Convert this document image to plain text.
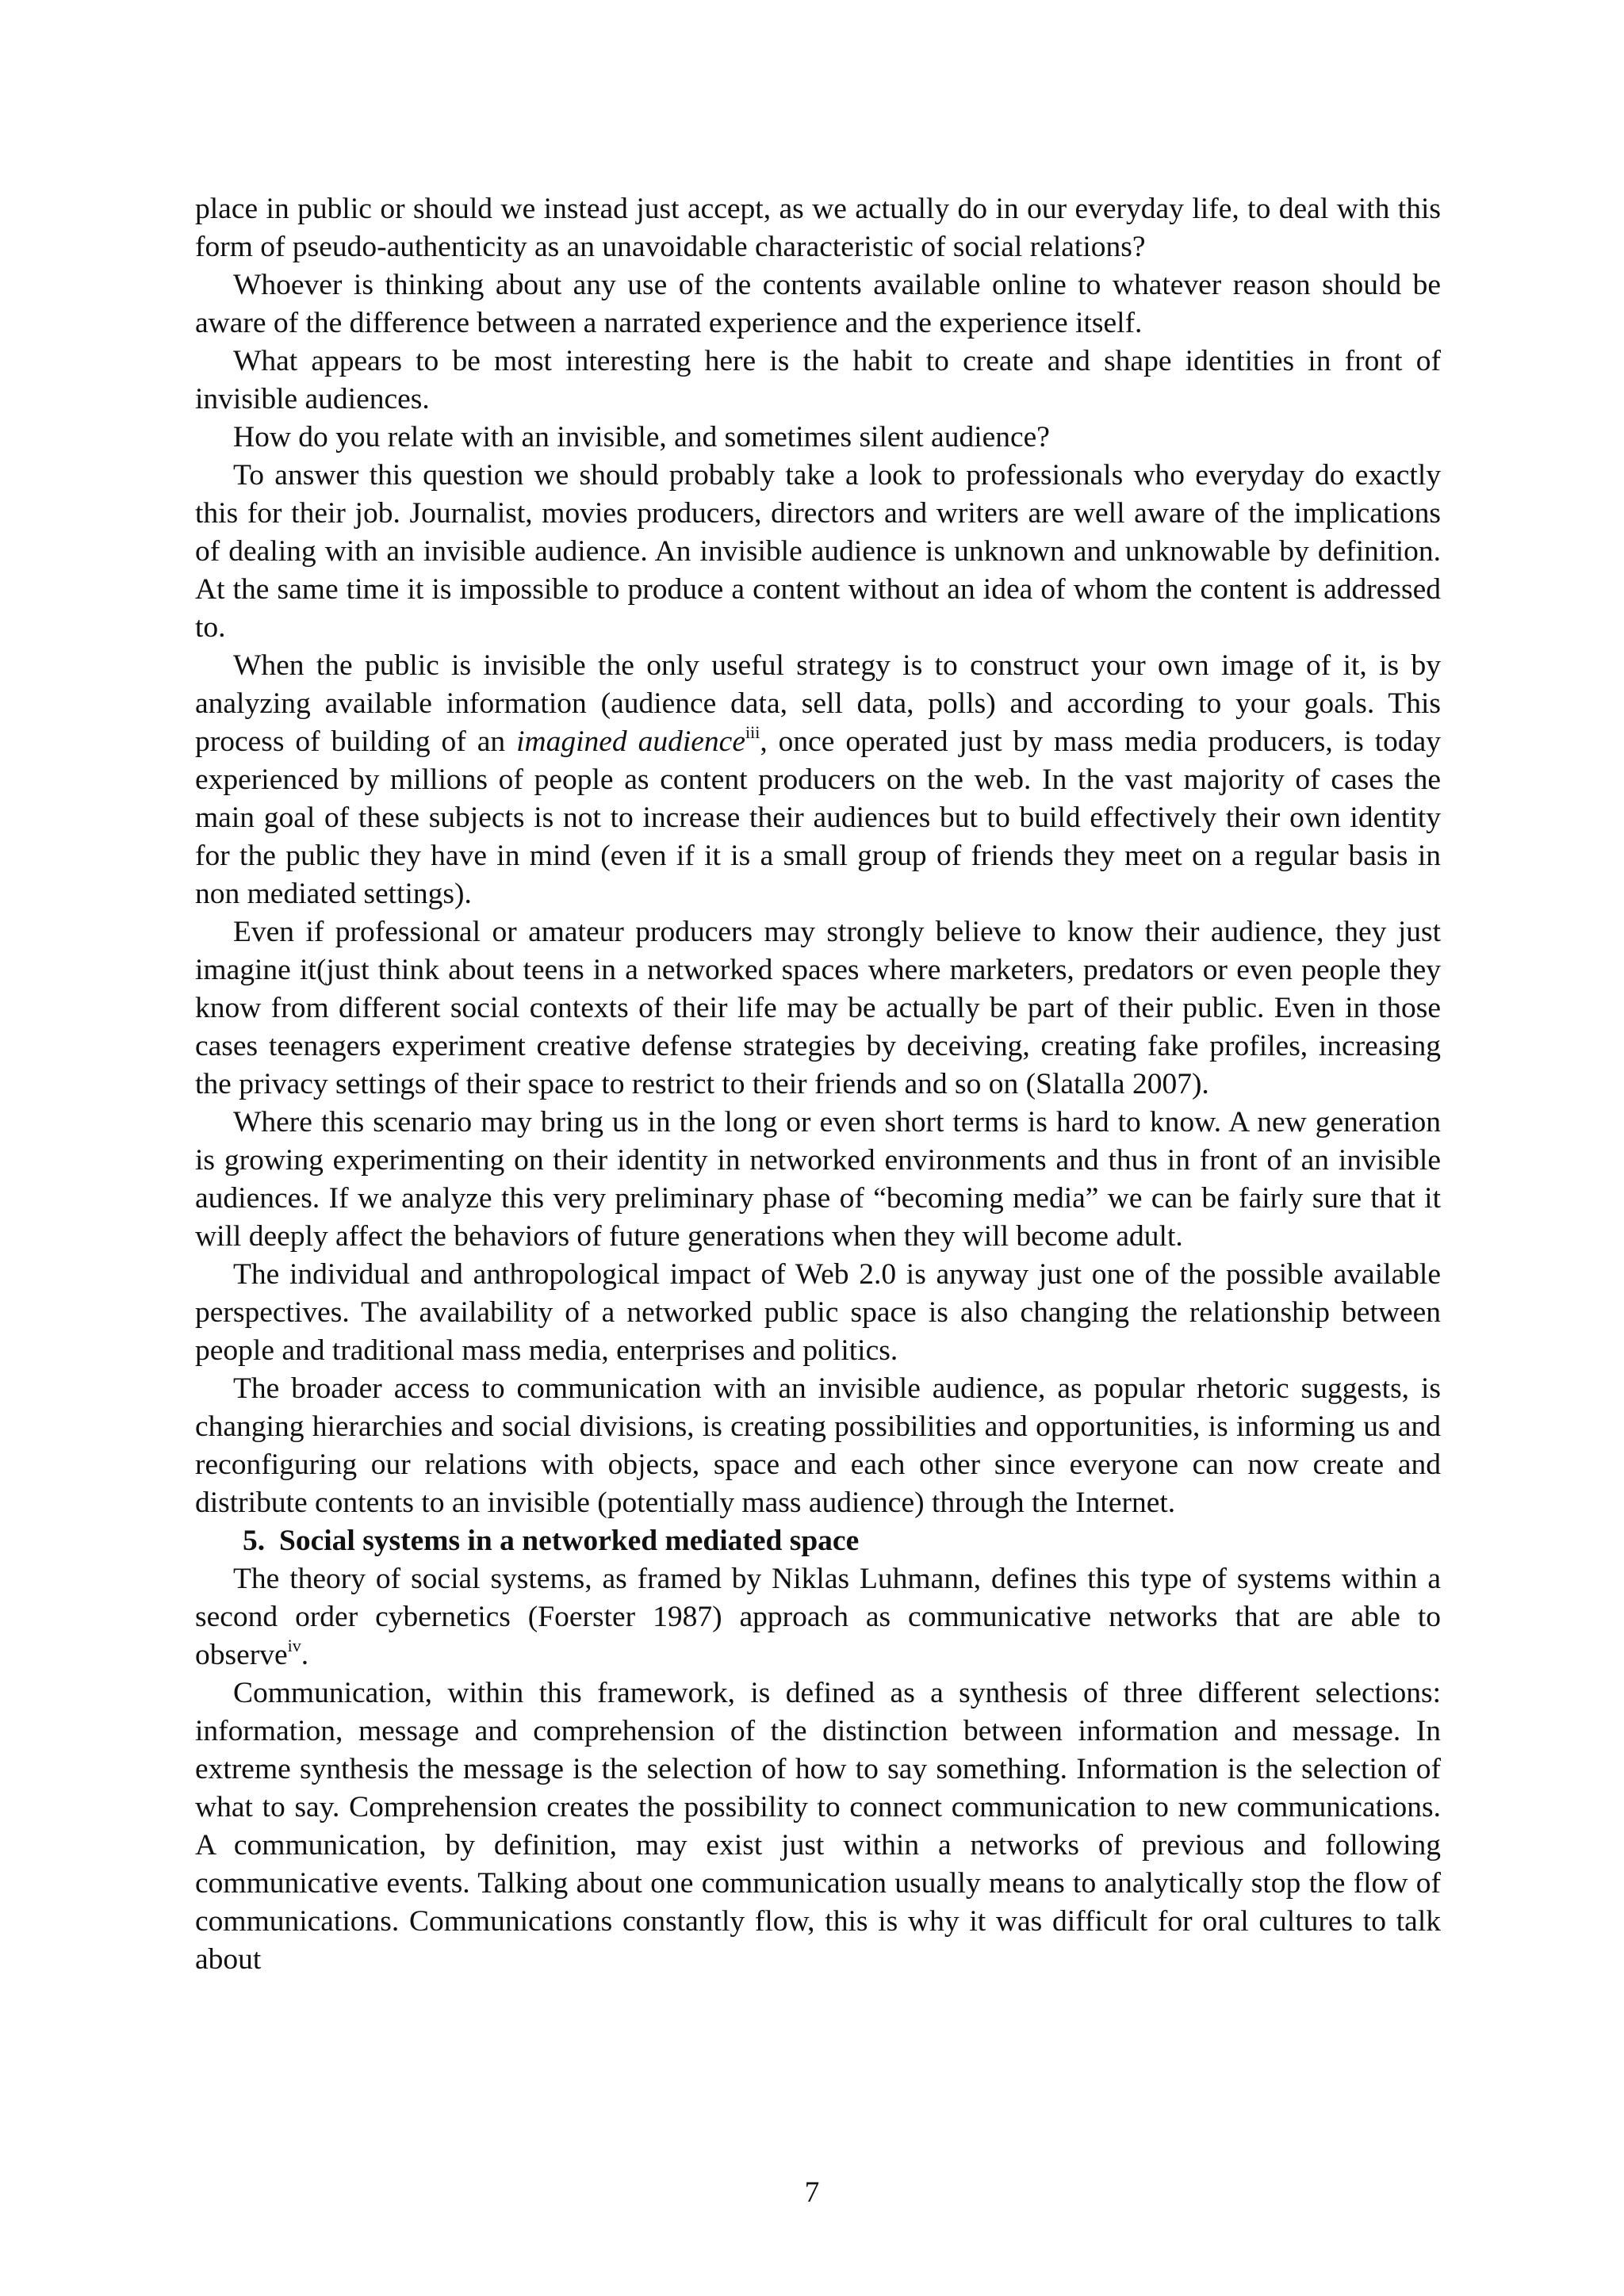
place in public or should we instead just accept, as we actually do in our everyday life, to deal with this form of pseudo-authenticity as an unavoidable characteristic of social relations?

Whoever is thinking about any use of the contents available online to whatever reason should be aware of the difference between a narrated experience and the experience itself.

What appears to be most interesting here is the habit to create and shape identities in front of invisible audiences.

How do you relate with an invisible, and sometimes silent audience?

To answer this question we should probably take a look to professionals who everyday do exactly this for their job. Journalist, movies producers, directors and writers are well aware of the implications of dealing with an invisible audience. An invisible audience is unknown and unknowable by definition. At the same time it is impossible to produce a content without an idea of whom the content is addressed to.

When the public is invisible the only useful strategy is to construct your own image of it, is by analyzing available information (audience data, sell data, polls) and according to your goals. This process of building of an imagined audience$^{iii}$, once operated just by mass media producers, is today experienced by millions of people as content producers on the web. In the vast majority of cases the main goal of these subjects is not to increase their audiences but to build effectively their own identity for the public they have in mind (even if it is a small group of friends they meet on a regular basis in non mediated settings).

Even if professional or amateur producers may strongly believe to know their audience, they just imagine it(just think about teens in a networked spaces where marketers, predators or even people they know from different social contexts of their life may be actually be part of their public. Even in those cases teenagers experiment creative defense strategies by deceiving, creating fake profiles, increasing the privacy settings of their space to restrict to their friends and so on (Slatalla 2007).

Where this scenario may bring us in the long or even short terms is hard to know. A new generation is growing experimenting on their identity in networked environments and thus in front of an invisible audiences. If we analyze this very preliminary phase of “becoming media” we can be fairly sure that it will deeply affect the behaviors of future generations when they will become adult.

The individual and anthropological impact of Web 2.0 is anyway just one of the possible available perspectives. The availability of a networked public space is also changing the relationship between people and traditional mass media, enterprises and politics.

The broader access to communication with an invisible audience, as popular rhetoric suggests, is changing hierarchies and social divisions, is creating possibilities and opportunities, is informing us and reconfiguring our relations with objects, space and each other since everyone can now create and distribute contents to an invisible (potentially mass audience) through the Internet.

5. Social systems in a networked mediated space

The theory of social systems, as framed by Niklas Luhmann, defines this type of systems within a second order cybernetics (Foerster 1987) approach as communicative networks that are able to observe$^{iv}$.

Communication, within this framework, is defined as a synthesis of three different selections: information, message and comprehension of the distinction between information and message. In extreme synthesis the message is the selection of how to say something. Information is the selection of what to say. Comprehension creates the possibility to connect communication to new communications. A communication, by definition, may exist just within a networks of previous and following communicative events. Talking about one communication usually means to analytically stop the flow of communications. Communications constantly flow, this is why it was difficult for oral cultures to talk about

7
